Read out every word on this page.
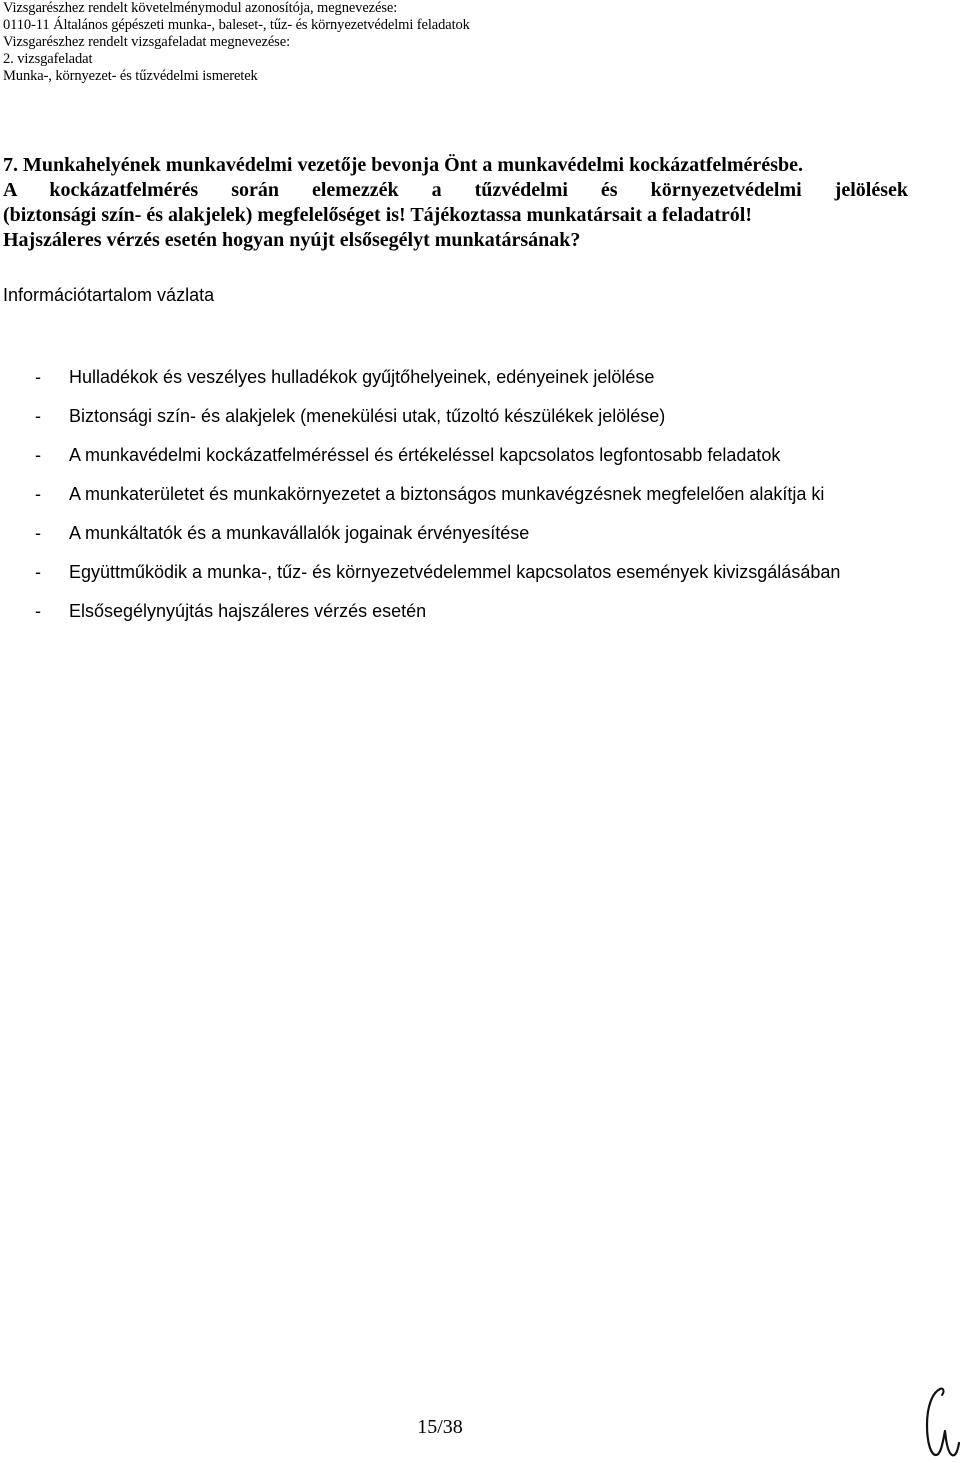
Vizsgarészhez rendelt követelménymodul azonosítója, megnevezése:
0110-11 Általános gépészeti munka-, baleset-, tűz- és környezetvédelmi feladatok
Vizsgarészhez rendelt vizsgafeladat megnevezése:
2. vizsgafeladat
Munka-, környezet- és tűzvédelmi ismeretek
7. Munkahelyének munkavédelmi vezetője bevonja Önt a munkavédelmi kockázatfelmérésbe.
A kockázatfelmérés során elemezzék a tűzvédelmi és környezetvédelmi jelölések
(biztonsági szín- és alakjelek) megfelelőséget is! Tájékoztassa munkatársait a feladatról!
Hajszáleres vérzés esetén hogyan nyújt elsősegélyt munkatársának?
Információtartalom vázlata
- Hulladékok és veszélyes hulladékok gyűjtőhelyeinek, edényeinek jelölése
- Biztonsági szín- és alakjelek (menekülési utak, tűzoltó készülékek jelölése)
- A munkavédelmi kockázatfelméréssel és értékeléssel kapcsolatos legfontosabb feladatok
- A munkaterületet és munkakörnyezetet a biztonságos munkavégzésnek megfelelően alakítja ki
- A munkáltatók és a munkavállalók jogainak érvényesítése
- Együttműködik a munka-, tűz- és környezetvédelemmel kapcsolatos események kivizsgálásában
- Elsősegélynyújtás hajszáleres vérzés esetén
15/38
